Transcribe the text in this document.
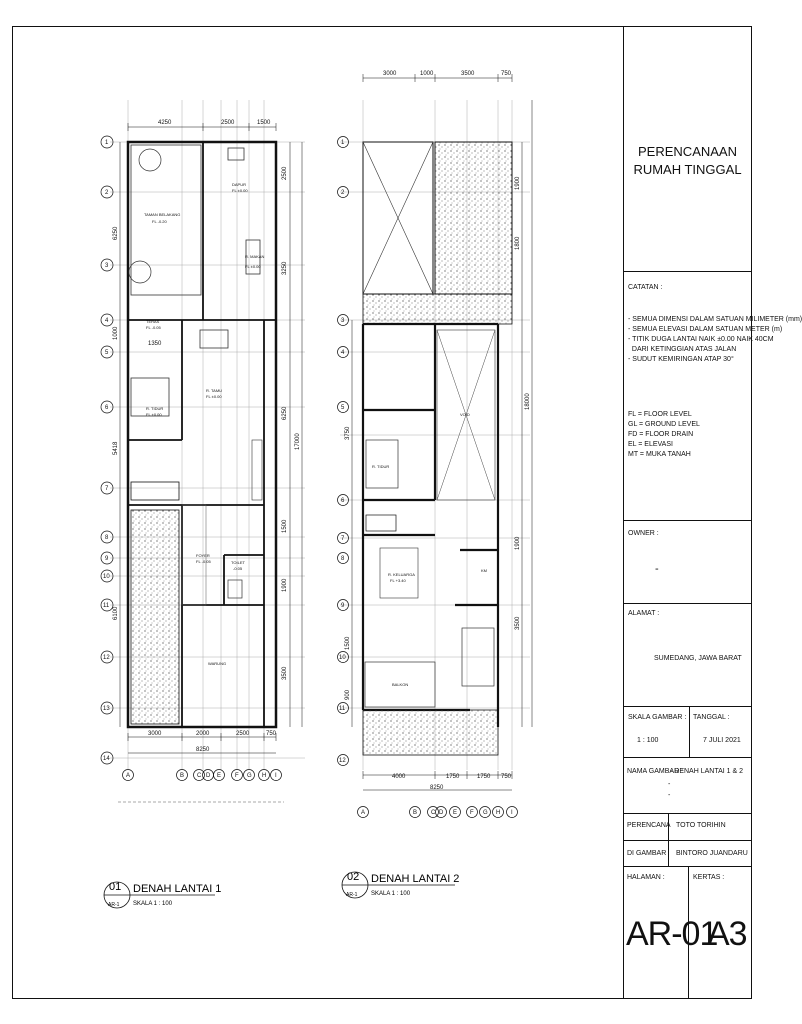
PERENCANAAN
RUMAH TINGGAL
CATATAN :
- SEMUA DIMENSI DALAM SATUAN MILIMETER (mm)
- SEMUA ELEVASI DALAM SATUAN METER (m)
- TITIK DUGA LANTAI NAIK ±0.00 NAIK 40CM
DARI KETINGGIAN ATAS JALAN
- SUDUT KEMIRINGAN ATAP 30°
FL = FLOOR LEVEL
GL = GROUND LEVEL
FD = FLOOR DRAIN
EL = ELEVASI
MT = MUKA TANAH
OWNER :
-
ALAMAT :
SUMEDANG, JAWA BARAT
SKALA GAMBAR :
1 : 100
TANGGAL :
7 JULI 2021
NAMA GAMBAR :
- DENAH LANTAI 1 & 2
-
-
PERENCANA TOTO TORIHIN
DI GAMBAR BINTORO JUANDARU
HALAMAN :
AR-01
KERTAS :
A3
TAMAN BELAKANG
FL -0.20
DAPUR
FL ±0.00
R. MAKAN
FL ±0.00
TERAS
FL -0.05
R. TAMU
FL ±0.00
R. TIDUR
FL ±0.00
FOYER
FL -0.05	TOILET
-0.05
WARUNG
4250	2500	1500
3000	2000	2500	750
8250
2500
3250
6250
17000
1500
1900
3500
6250
1000
5418
6100
1350
1
2
3
4
5
6
7
8
9
10
11
12
13
14
A	B C D E F G H I
01
AR-1
DENAH LANTAI 1
SKALA 1 : 100
R. KELUARGA
FL +3.40
BALKON
VOID
KM
R. TIDUR
3000	1000	3500	750
4000	1750	1750 750
8250
1900
1800
18000
1900
3500
3750
1500
900
1
2
3
4
5
6
7
8
9
10
11
12
A	B C D E F G H I
02
AR-1
DENAH LANTAI 2
SKALA 1 : 100
